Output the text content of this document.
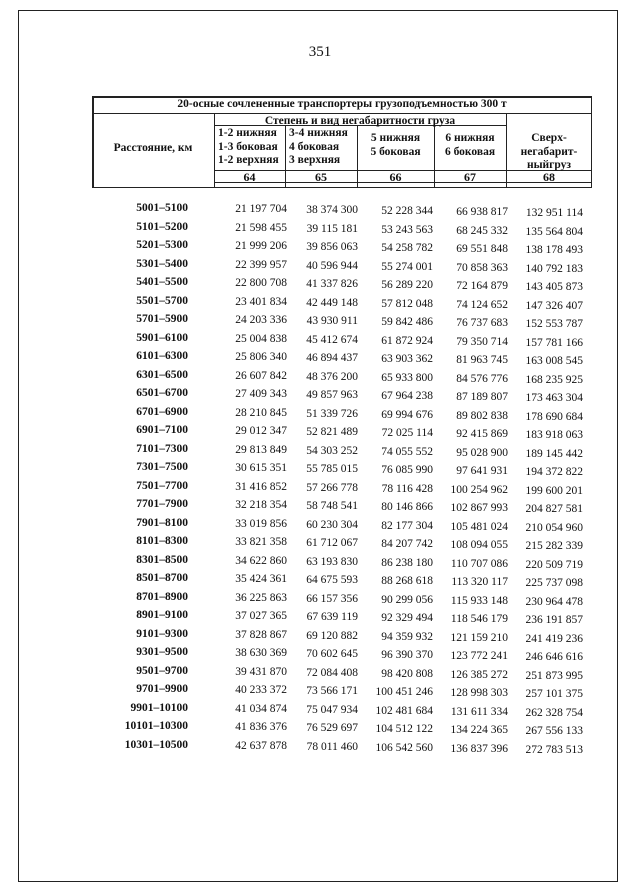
351
20-осные сочлененные транспортеры грузоподъемностью 300 т
Расстояние, км
Степень и вид негабаритности груза
1-2 нижняя
1-3 боковая
1-2 верхняя
3-4 нижняя
4 боковая
3 верхняя
5 нижняя
5 боковая
6 нижняя
6 боковая
Сверх-
негабарит-
ныйгруз
64	65	66	67	68
5001–5100	21 197 704	38 374 300	52 228 344	66 938 817	132 951 114
5101–5200	21 598 455	39 115 181	53 243 563	68 245 332	135 564 804
5201–5300	21 999 206	39 856 063	54 258 782	69 551 848	138 178 493
5301–5400	22 399 957	40 596 944	55 274 001	70 858 363	140 792 183
5401–5500	22 800 708	41 337 826	56 289 220	72 164 879	143 405 873
5501–5700	23 401 834	42 449 148	57 812 048	74 124 652	147 326 407
5701–5900	24 203 336	43 930 911	59 842 486	76 737 683	152 553 787
5901–6100	25 004 838	45 412 674	61 872 924	79 350 714	157 781 166
6101–6300	25 806 340	46 894 437	63 903 362	81 963 745	163 008 545
6301–6500	26 607 842	48 376 200	65 933 800	84 576 776	168 235 925
6501–6700	27 409 343	49 857 963	67 964 238	87 189 807	173 463 304
6701–6900	28 210 845	51 339 726	69 994 676	89 802 838	178 690 684
6901–7100	29 012 347	52 821 489	72 025 114	92 415 869	183 918 063
7101–7300	29 813 849	54 303 252	74 055 552	95 028 900	189 145 442
7301–7500	30 615 351	55 785 015	76 085 990	97 641 931	194 372 822
7501–7700	31 416 852	57 266 778	78 116 428	100 254 962	199 600 201
7701–7900	32 218 354	58 748 541	80 146 866	102 867 993	204 827 581
7901–8100	33 019 856	60 230 304	82 177 304	105 481 024	210 054 960
8101–8300	33 821 358	61 712 067	84 207 742	108 094 055	215 282 339
8301–8500	34 622 860	63 193 830	86 238 180	110 707 086	220 509 719
8501–8700	35 424 361	64 675 593	88 268 618	113 320 117	225 737 098
8701–8900	36 225 863	66 157 356	90 299 056	115 933 148	230 964 478
8901–9100	37 027 365	67 639 119	92 329 494	118 546 179	236 191 857
9101–9300	37 828 867	69 120 882	94 359 932	121 159 210	241 419 236
9301–9500	38 630 369	70 602 645	96 390 370	123 772 241	246 646 616
9501–9700	39 431 870	72 084 408	98 420 808	126 385 272	251 873 995
9701–9900	40 233 372	73 566 171	100 451 246	128 998 303	257 101 375
9901–10100	41 034 874	75 047 934	102 481 684	131 611 334	262 328 754
10101–10300	41 836 376	76 529 697	104 512 122	134 224 365	267 556 133
10301–10500	42 637 878	78 011 460	106 542 560	136 837 396	272 783 513
